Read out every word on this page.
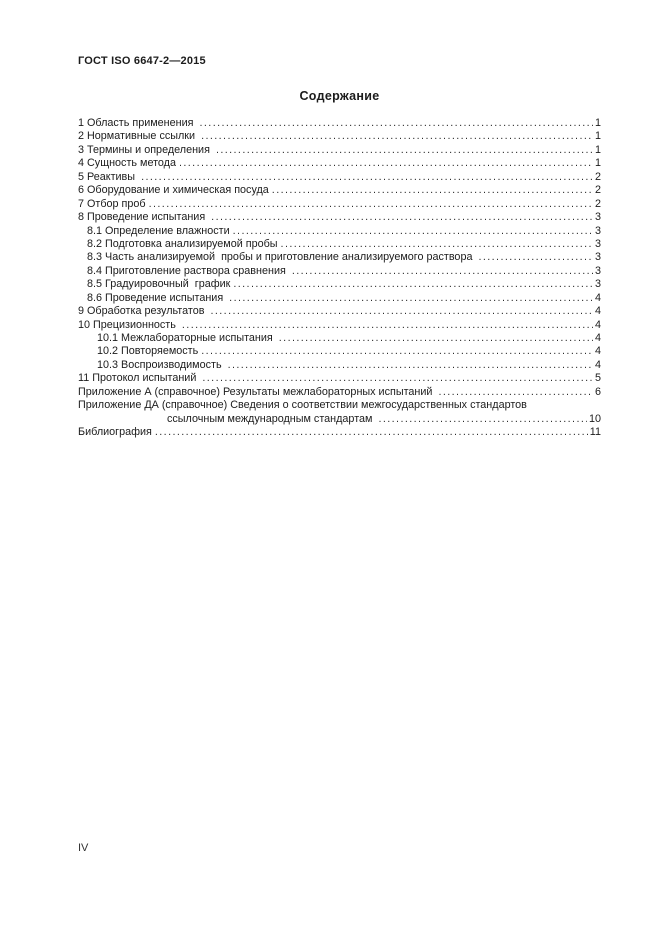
ГОСТ ISO 6647-2—2015
Содержание
1 Область применения .....	1
2 Нормативные ссылки .....	1
3 Термины и определения .....	1
4 Сущность метода .....	1
5 Реактивы .....	2
6 Оборудование и химическая посуда .....	2
7 Отбор проб .....	2
8 Проведение испытания .....	3
8.1 Определение влажности .....	3
8.2 Подготовка анализируемой пробы .....	3
8.3 Часть анализируемой  пробы и приготовление анализируемого раствора .....	3
8.4 Приготовление раствора сравнения .....	3
8.5 Градуировочный  график .....	3
8.6 Проведение испытания .....	4
9 Обработка результатов .....	4
10 Прецизионность .....	4
10.1 Межлабораторные испытания .....	4
10.2 Повторяемость .....	4
10.3 Воспроизводимость .....	4
11 Протокол испытаний .....	5
Приложение А (справочное) Результаты межлабораторных испытаний .....	6
Приложение ДА (справочное) Сведения о соответствии межгосударственных стандартов
ссылочным международным стандартам .....	10
Библиография .....	11
IV
